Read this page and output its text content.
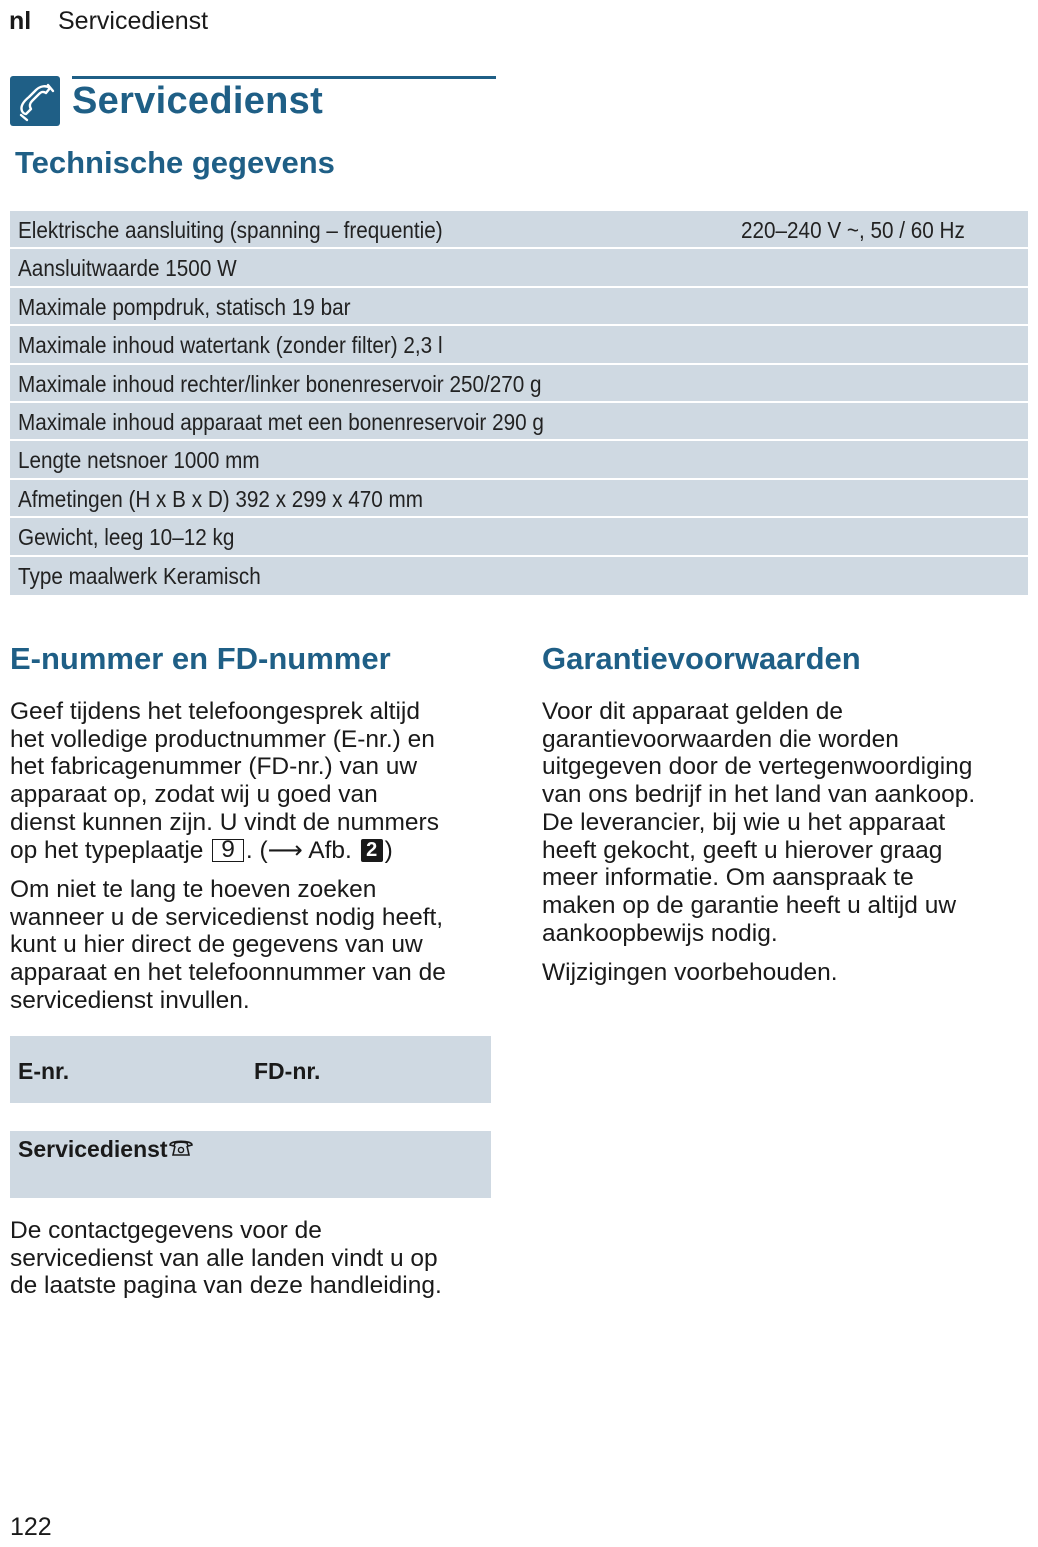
nl Servicedienst
Servicedienst
Technische gegevens
Elektrische aansluiting (spanning – frequentie)	220–240 V ~, 50 / 60 Hz
Aansluitwaarde 1500 W
Maximale pompdruk, statisch 19 bar
Maximale inhoud watertank (zonder filter) 2,3 l
Maximale inhoud rechter/linker bonenreservoir 250/270 g
Maximale inhoud apparaat met een bonenreservoir 290 g
Lengte netsnoer 1000 mm
Afmetingen (H x B x D) 392 x 299 x 470 mm
Gewicht, leeg 10–12 kg
Type maalwerk Keramisch
E-nummer en FD-nummer
Geef tijdens het telefoongesprek altijd
het volledige productnummer (E-nr.) en
het fabricagenummer (FD-nr.) van uw
apparaat op, zodat wij u goed van
dienst kunnen zijn. U vindt de nummers
op het typeplaatje 9 . (⟶ Afb. 2 )
Om niet te lang te hoeven zoeken
wanneer u de servicedienst nodig heeft,
kunt u hier direct de gegevens van uw
apparaat en het telefoonnummer van de
servicedienst invullen.
E-nr.	FD-nr.
Servicedienst
De contactgegevens voor de
servicedienst van alle landen vindt u op
de laatste pagina van deze handleiding.
Garantievoorwaarden
Voor dit apparaat gelden de
garantievoorwaarden die worden
uitgegeven door de vertegenwoordiging
van ons bedrijf in het land van aankoop.
De leverancier, bij wie u het apparaat
heeft gekocht, geeft u hierover graag
meer informatie. Om aanspraak te
maken op de garantie heeft u altijd uw
aankoopbewijs nodig.
Wijzigingen voorbehouden.
122
